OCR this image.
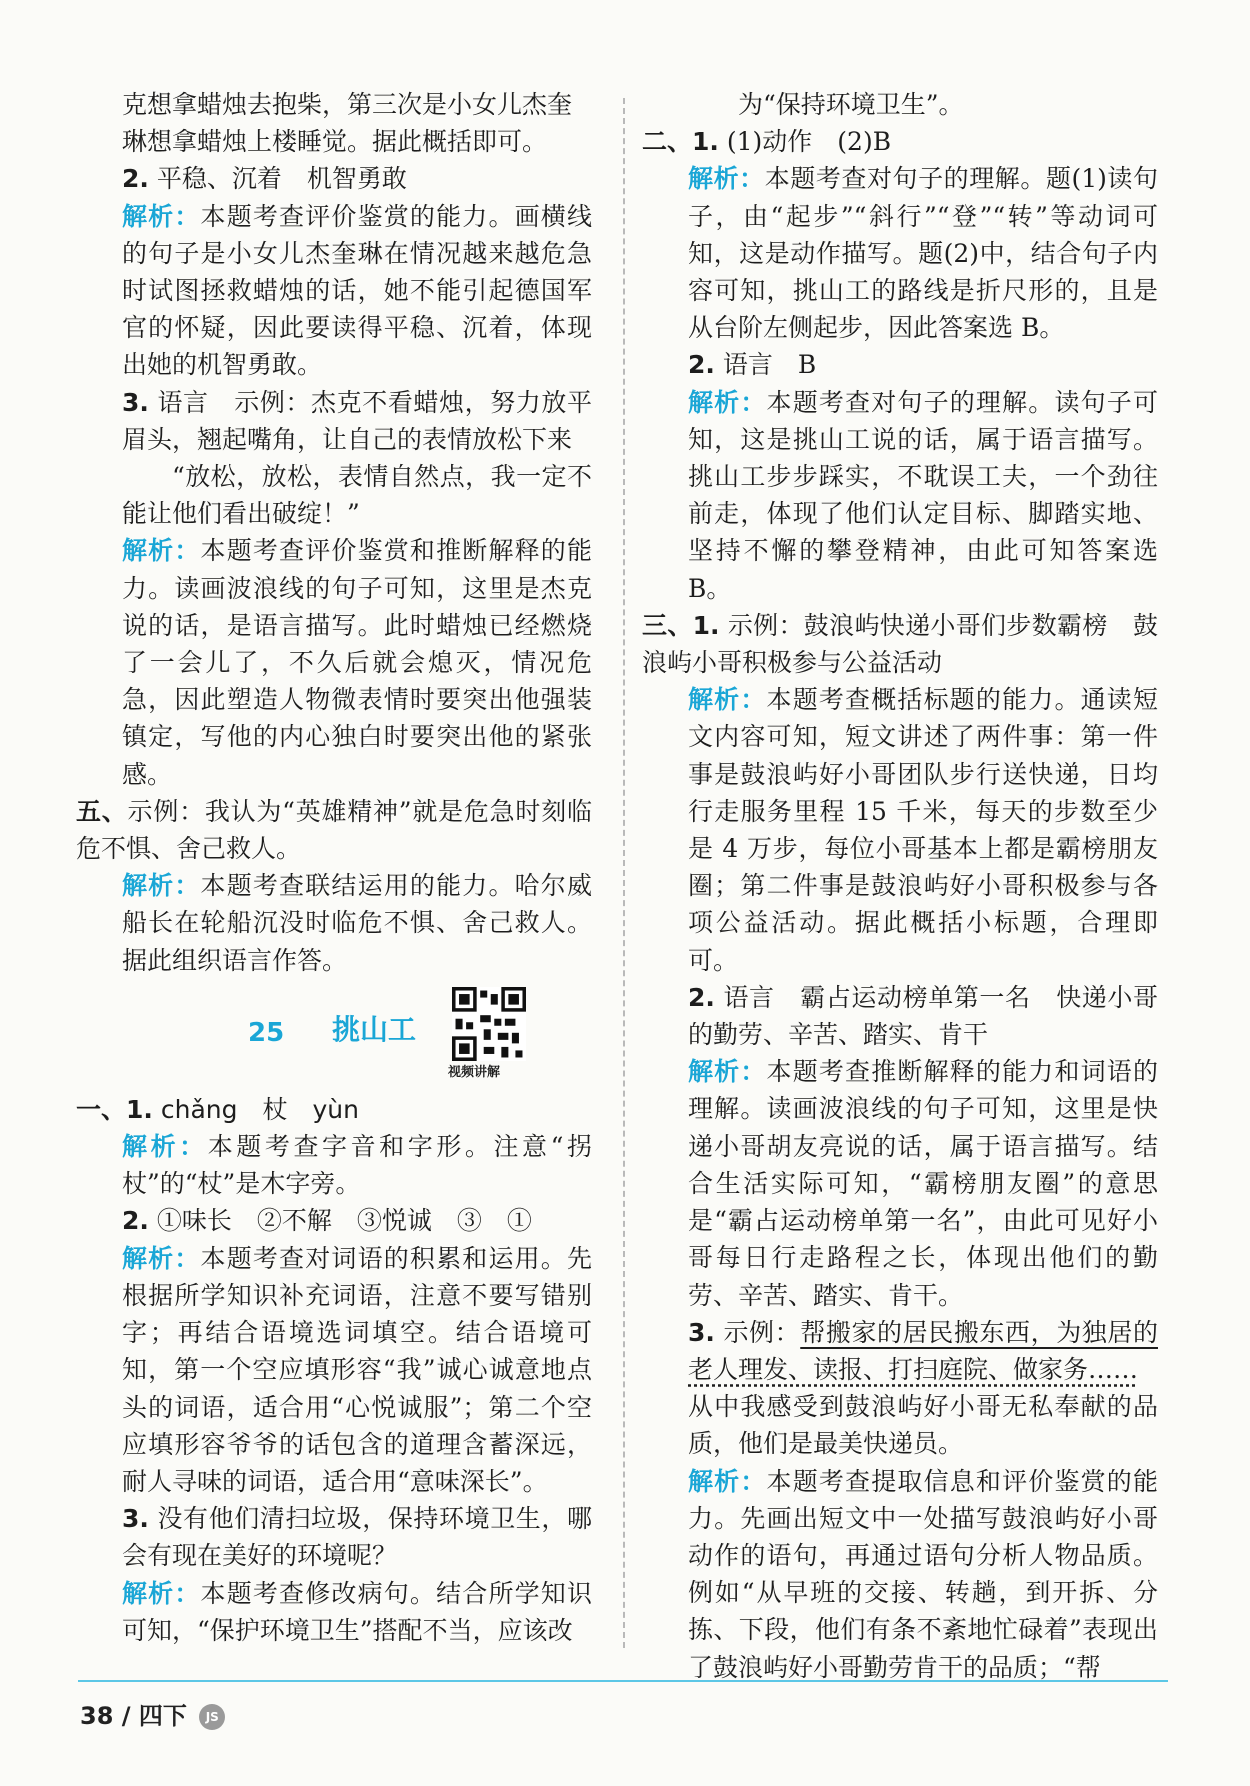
克想拿蜡烛去抱柴，第三次是小女儿杰奎

琳想拿蜡烛上楼睡觉。据此概括即可。

2. 平稳、沉着　机智勇敢

解析：本题考查评价鉴赏的能力。画横线的句子是小女儿杰奎琳在情况越来越危急时试图拯救蜡烛的话，她不能引起德国军官的怀疑，因此要读得平稳、沉着，体现出她的机智勇敢。

3. 语言　示例：杰克不看蜡烛，努力放平眉头，翘起嘴角，让自己的表情放松下来

“放松，放松，表情自然点，我一定不能让他们看出破绽！”

解析：本题考查评价鉴赏和推断解释的能力。读画波浪线的句子可知，这里是杰克说的话，是语言描写。此时蜡烛已经燃烧了一会儿了，不久后就会熄灭，情况危急，因此塑造人物微表情时要突出他强装镇定，写他的内心独白时要突出他的紧张感。

五、示例：我认为“英雄精神”就是危急时刻临危不惧、舍己救人。

解析：本题考查联结运用的能力。哈尔威船长在轮船沉没时临危不惧、舍己救人。据此组织语言作答。

25 挑山工
视频讲解

一、1. chǎng　杖　yùn

解析：本题考查字音和字形。注意“拐杖”的“杖”是木字旁。

2. ①味长　②不解　③悦诚　③　①

解析：本题考查对词语的积累和运用。先根据所学知识补充词语，注意不要写错别字；再结合语境选词填空。结合语境可知，第一个空应填形容“我”诚心诚意地点头的词语，适合用“心悦诚服”；第二个空应填形容爷爷的话包含的道理含蓄深远，耐人寻味的词语，适合用“意味深长”。

3. 没有他们清扫垃圾，保持环境卫生，哪会有现在美好的环境呢？

解析：本题考查修改病句。结合所学知识可知，“保护环境卫生”搭配不当，应该改

为“保持环境卫生”。

二、1. (1)动作　(2)B

解析：本题考查对句子的理解。题(1)读句子，由“起步”“斜行”“登”“转”等动词可知，这是动作描写。题(2)中，结合句子内容可知，挑山工的路线是折尺形的，且是从台阶左侧起步，因此答案选 B。

2. 语言　B

解析：本题考查对句子的理解。读句子可知，这是挑山工说的话，属于语言描写。挑山工步步踩实，不耽误工夫，一个劲往前走，体现了他们认定目标、脚踏实地、坚持不懈的攀登精神，由此可知答案选 B。

三、1. 示例：鼓浪屿快递小哥们步数霸榜　鼓浪屿小哥积极参与公益活动

解析：本题考查概括标题的能力。通读短文内容可知，短文讲述了两件事：第一件事是鼓浪屿好小哥团队步行送快递，日均行走服务里程 15 千米，每天的步数至少是 4 万步，每位小哥基本上都是霸榜朋友圈；第二件事是鼓浪屿好小哥积极参与各项公益活动。据此概括小标题，合理即可。

2. 语言　霸占运动榜单第一名　快递小哥的勤劳、辛苦、踏实、肯干

解析：本题考查推断解释的能力和词语的理解。读画波浪线的句子可知，这里是快递小哥胡友亮说的话，属于语言描写。结合生活实际可知，“霸榜朋友圈”的意思是“霸占运动榜单第一名”，由此可见好小哥每日行走路程之长，体现出他们的勤劳、辛苦、踏实、肯干。

3. 示例：帮搬家的居民搬东西，为独居的老人理发、读报、打扫庭院、做家务……

从中我感受到鼓浪屿好小哥无私奉献的品质，他们是最美快递员。

解析：本题考查提取信息和评价鉴赏的能力。先画出短文中一处描写鼓浪屿好小哥动作的语句，再通过语句分析人物品质。例如“从早班的交接、转趟，到开拆、分拣、下段，他们有条不紊地忙碌着”表现出了鼓浪屿好小哥勤劳肯干的品质；“帮

38 / 四下 JS
